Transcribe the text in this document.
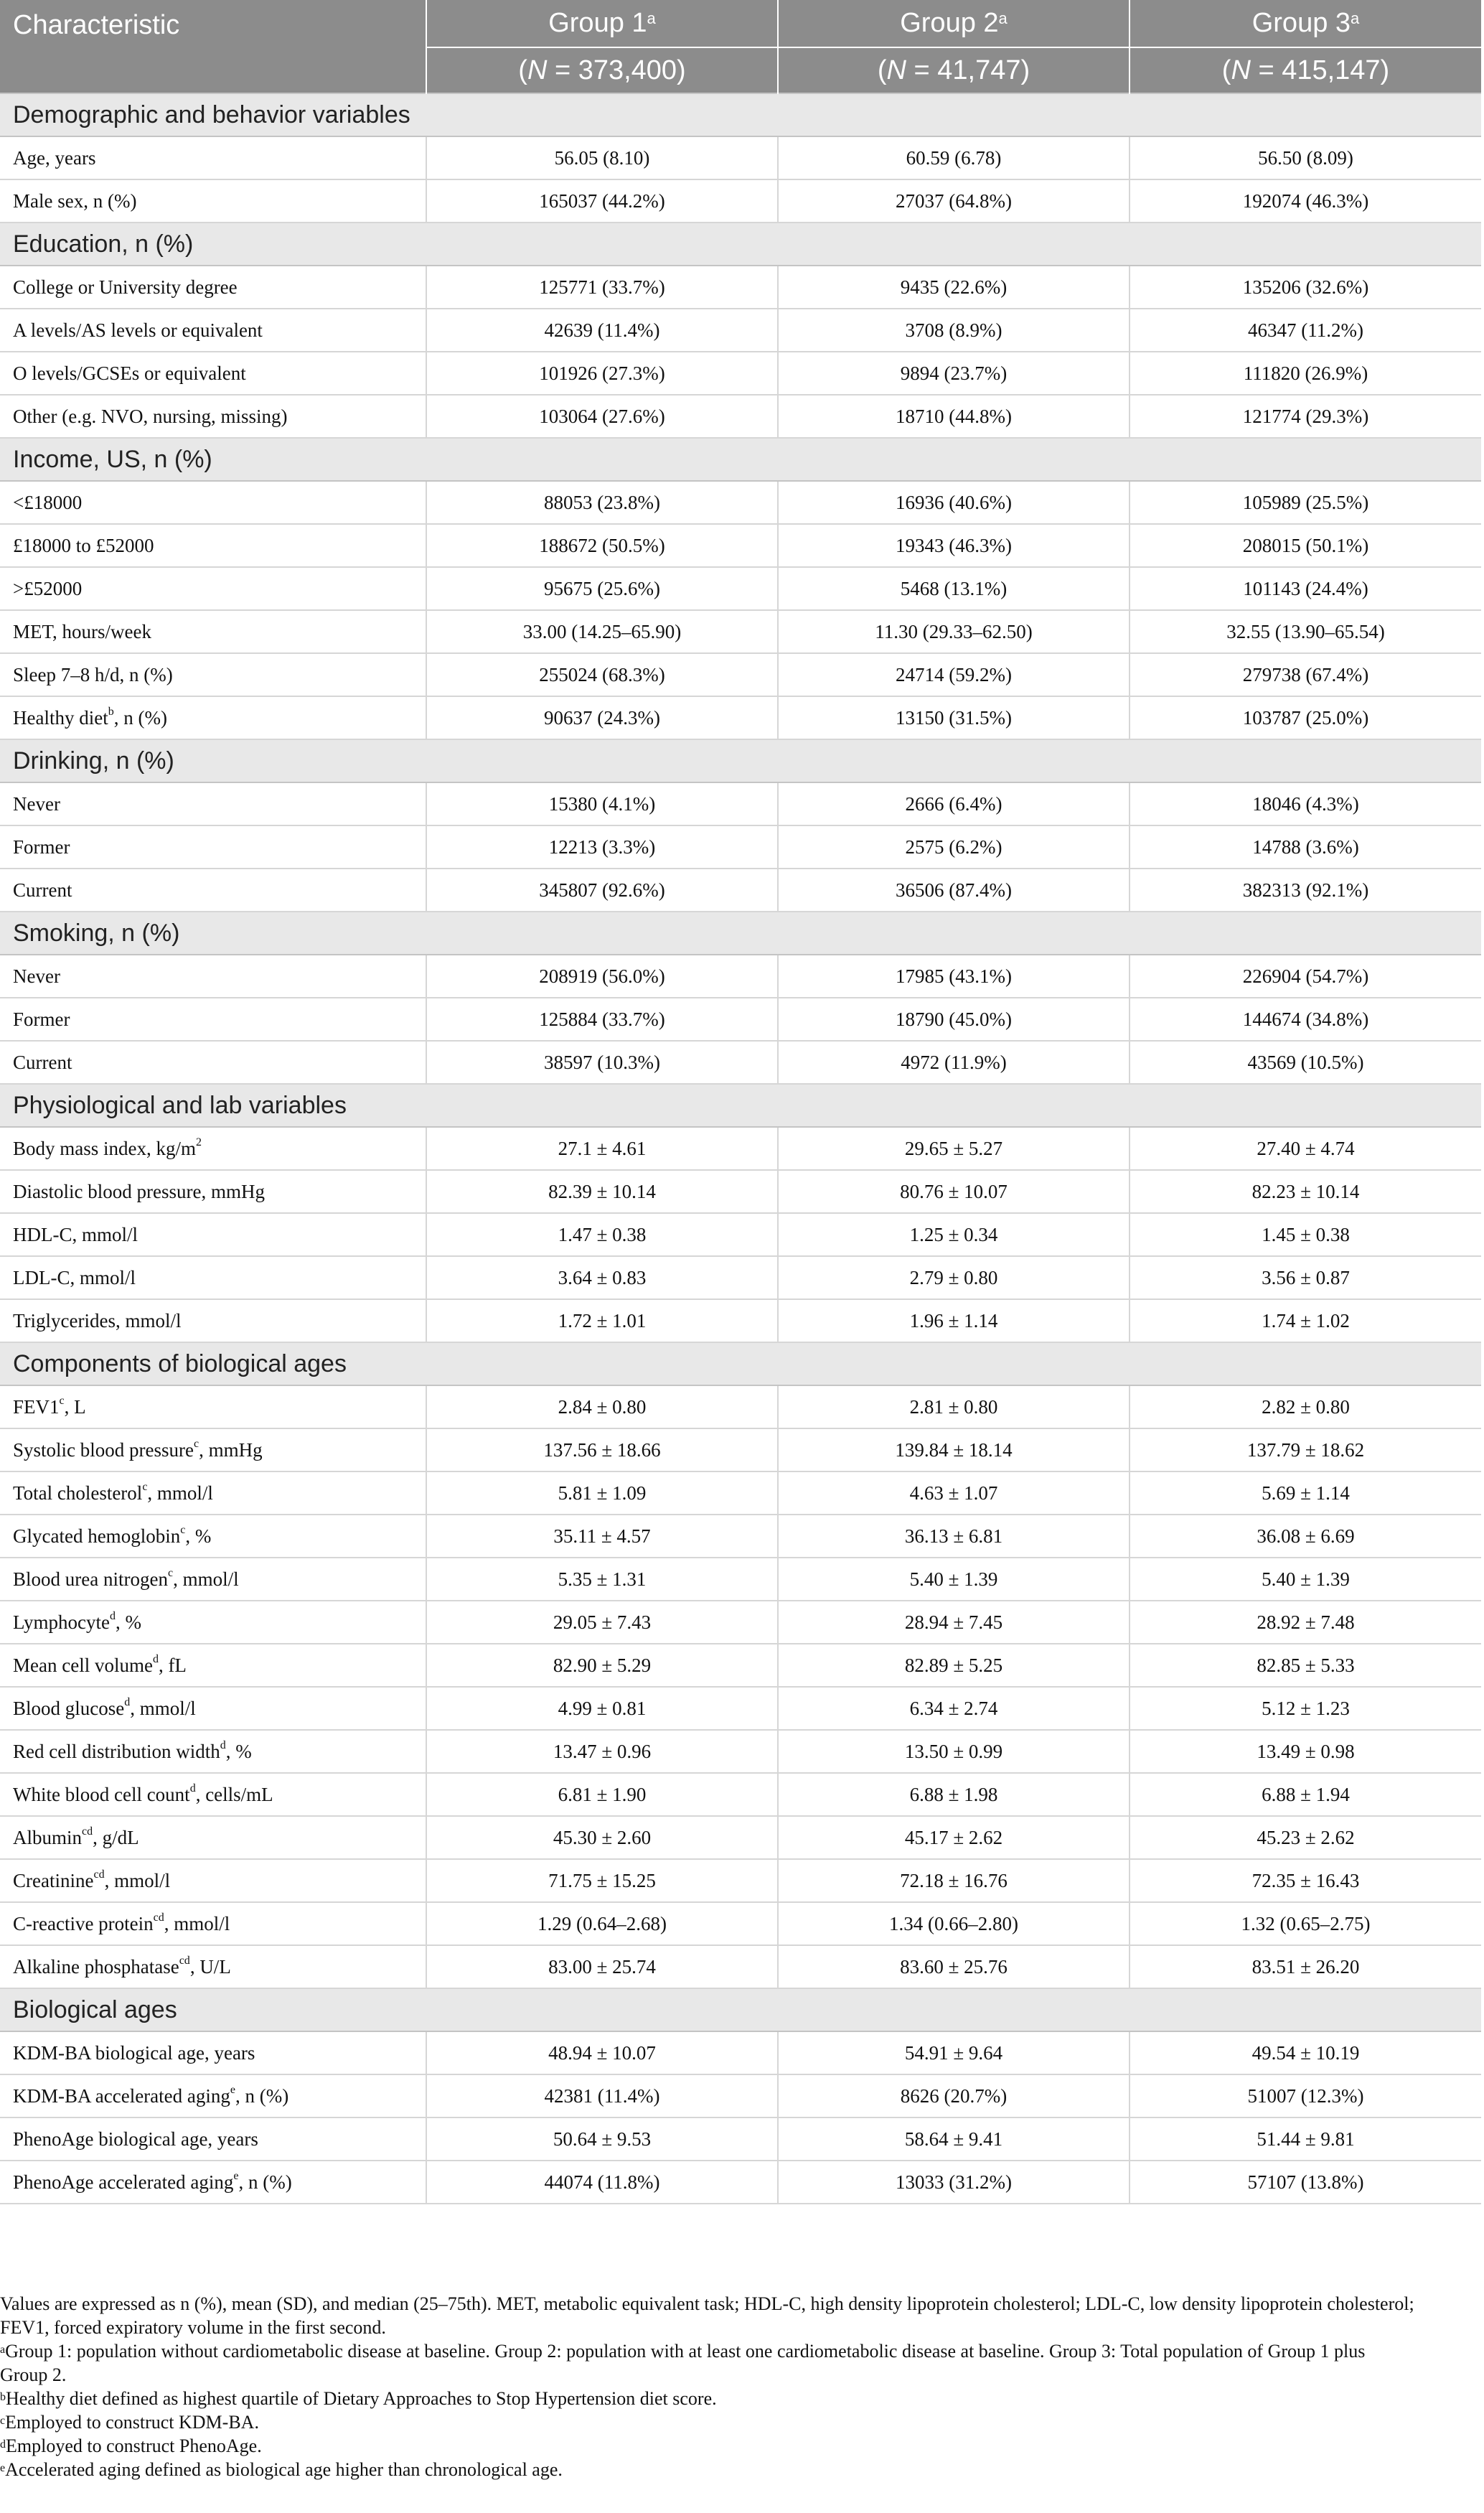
Characteristic	Group 1$^a$	Group 2$^a$	Group 3$^a$
	(N = 373,400)	(N = 41,747)	(N = 415,147)
Demographic and behavior variables			
Age, years	56.05 (8.10)	60.59 (6.78)	56.50 (8.09)
Male sex, n (%)	165037 (44.2%)	27037 (64.8%)	192074 (46.3%)
Education, n (%)			
College or University degree	125771 (33.7%)	9435 (22.6%)	135206 (32.6%)
A levels/AS levels or equivalent	42639 (11.4%)	3708 (8.9%)	46347 (11.2%)
O levels/GCSEs or equivalent	101926 (27.3%)	9894 (23.7%)	111820 (26.9%)
Other (e.g. NVO, nursing, missing)	103064 (27.6%)	18710 (44.8%)	121774 (29.3%)
Income, US, n (%)			
<£18000	88053 (23.8%)	16936 (40.6%)	105989 (25.5%)
£18000 to £52000	188672 (50.5%)	19343 (46.3%)	208015 (50.1%)
>£52000	95675 (25.6%)	5468 (13.1%)	101143 (24.4%)
MET, hours/week	33.00 (14.25–65.90)	11.30 (29.33–62.50)	32.55 (13.90–65.54)
Sleep 7–8 h/d, n (%)	255024 (68.3%)	24714 (59.2%)	279738 (67.4%)
Healthy diet$^b$, n (%)	90637 (24.3%)	13150 (31.5%)	103787 (25.0%)
Drinking, n (%)			
Never	15380 (4.1%)	2666 (6.4%)	18046 (4.3%)
Former	12213 (3.3%)	2575 (6.2%)	14788 (3.6%)
Current	345807 (92.6%)	36506 (87.4%)	382313 (92.1%)
Smoking, n (%)			
Never	208919 (56.0%)	17985 (43.1%)	226904 (54.7%)
Former	125884 (33.7%)	18790 (45.0%)	144674 (34.8%)
Current	38597 (10.3%)	4972 (11.9%)	43569 (10.5%)
Physiological and lab variables			
Body mass index, $kg/m^2$	27.1 ± 4.61	29.65 ± 5.27	27.40 ± 4.74
Diastolic blood pressure, mmHg	82.39 ± 10.14	80.76 ± 10.07	82.23 ± 10.14
HDL-C, mmol/l	1.47 ± 0.38	1.25 ± 0.34	1.45 ± 0.38
LDL-C, mmol/l	3.64 ± 0.83	2.79 ± 0.80	3.56 ± 0.87
Triglycerides, mmol/l	1.72 ± 1.01	1.96 ± 1.14	1.74 ± 1.02
Components of biological ages			
FEV1$^c$, L	2.84 ± 0.80	2.81 ± 0.80	2.82 ± 0.80
Systolic blood pressure$^c$, mmHg	137.56 ± 18.66	139.84 ± 18.14	137.79 ± 18.62
Total cholesterol$^c$, mmol/l	5.81 ± 1.09	4.63 ± 1.07	5.69 ± 1.14
Glycated hemoglobin$^c$, %	35.11 ± 4.57	36.13 ± 6.81	36.08 ± 6.69
Blood urea nitrogen$^c$, mmol/l	5.35 ± 1.31	5.40 ± 1.39	5.40 ± 1.39
Lymphocyte$^d$, %	29.05 ± 7.43	28.94 ± 7.45	28.92 ± 7.48
Mean cell volume$^d$, fL	82.90 ± 5.29	82.89 ± 5.25	82.85 ± 5.33
Blood glucose$^d$, mmol/l	4.99 ± 0.81	6.34 ± 2.74	5.12 ± 1.23
Red cell distribution width$^d$, %	13.47 ± 0.96	13.50 ± 0.99	13.49 ± 0.98
White blood cell count$^d$, cells/mL	6.81 ± 1.90	6.88 ± 1.98	6.88 ± 1.94
Albumin$^{cd}$, g/dL	45.30 ± 2.60	45.17 ± 2.62	45.23 ± 2.62
Creatinine$^{cd}$, mmol/l	71.75 ± 15.25	72.18 ± 16.76	72.35 ± 16.43
C-reactive protein$^{cd}$, mmol/l	1.29 (0.64–2.68)	1.34 (0.66–2.80)	1.32 (0.65–2.75)
Alkaline phosphatase$^{cd}$, U/L	83.00 ± 25.74	83.60 ± 25.76	83.51 ± 26.20
Biological ages			
KDM-BA biological age, years	48.94 ± 10.07	54.91 ± 9.64	49.54 ± 10.19
KDM-BA accelerated aging$^e$, n (%)	42381 (11.4%)	8626 (20.7%)	51007 (12.3%)
PhenoAge biological age, years	50.64 ± 9.53	58.64 ± 9.41	51.44 ± 9.81
PhenoAge accelerated aging$^e$, n (%)	44074 (11.8%)	13033 (31.2%)	57107 (13.8%)

Values are expressed as n (%), mean (SD), and median (25–75th). MET, metabolic equivalent task; HDL-C, high density lipoprotein cholesterol; LDL-C, low density lipoprotein cholesterol;

FEV1, forced expiratory volume in the first second.

$^a$Group 1: population without cardiometabolic disease at baseline. Group 2: population with at least one cardiometabolic disease at baseline. Group 3: Total population of Group 1 plus

Group 2.

$^b$Healthy diet defined as highest quartile of Dietary Approaches to Stop Hypertension diet score.

$^c$Employed to construct KDM-BA.

$^d$Employed to construct PhenoAge.

$^e$Accelerated aging defined as biological age higher than chronological age.
